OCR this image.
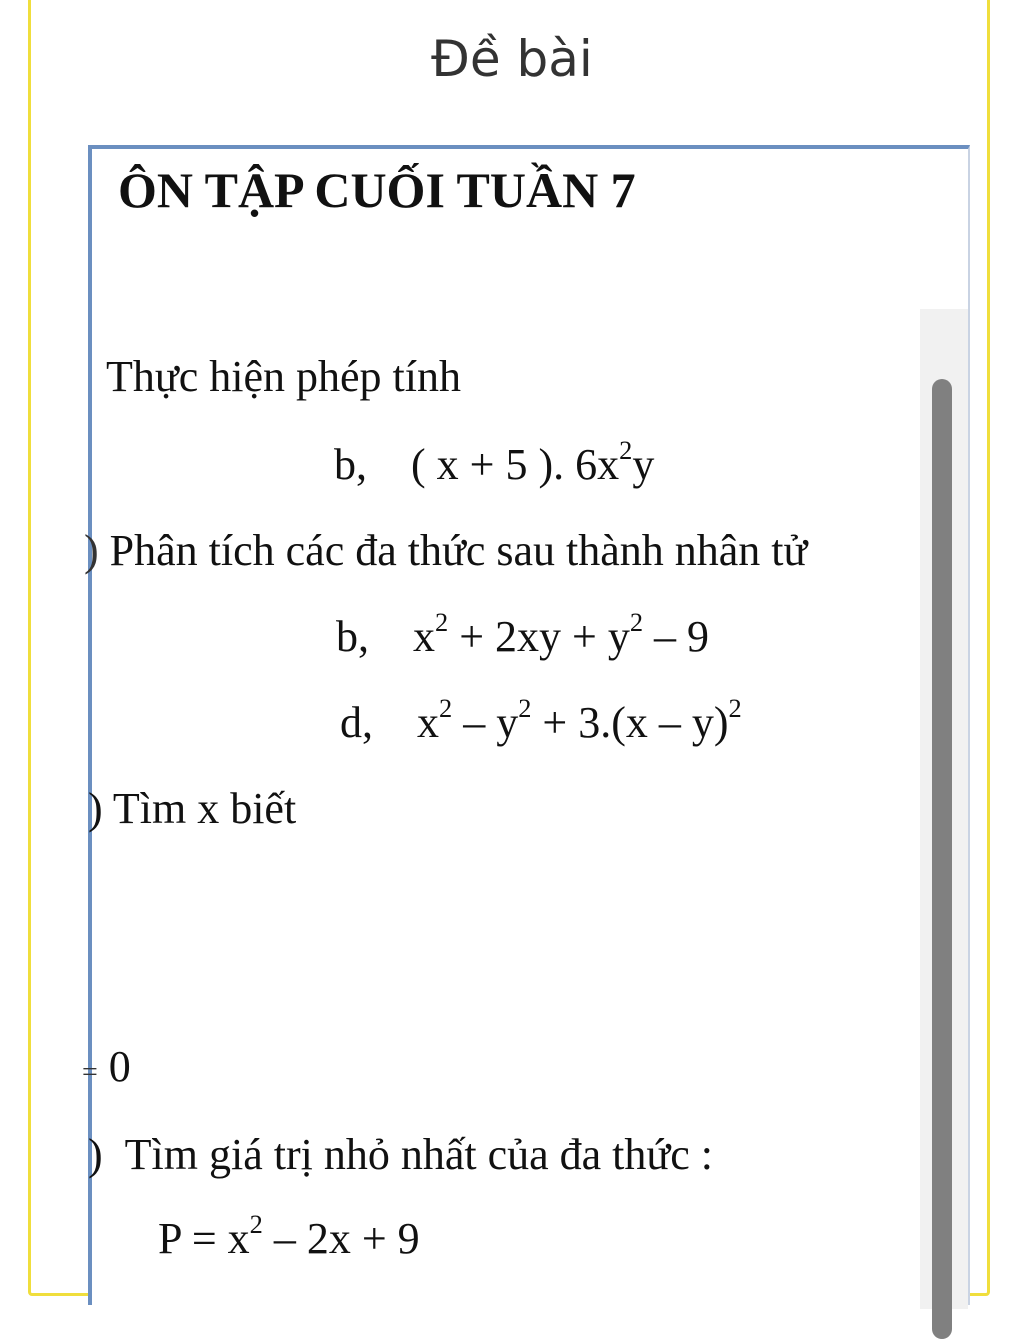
Đề bài
ÔN TẬP CUỐI TUẦN 7
Thực hiện phép tính
b, ( x + 5 ). $6x^2y$
) Phân tích các đa thức sau thành nhân tử
b, $x^2 + 2xy + y^2 - 9$
d, $x^2 - y^2 + 3.(x - y)^2$
) Tìm x biết
= 0
) Tìm giá trị nhỏ nhất của đa thức :
$P = x^2 - 2x + 9$
